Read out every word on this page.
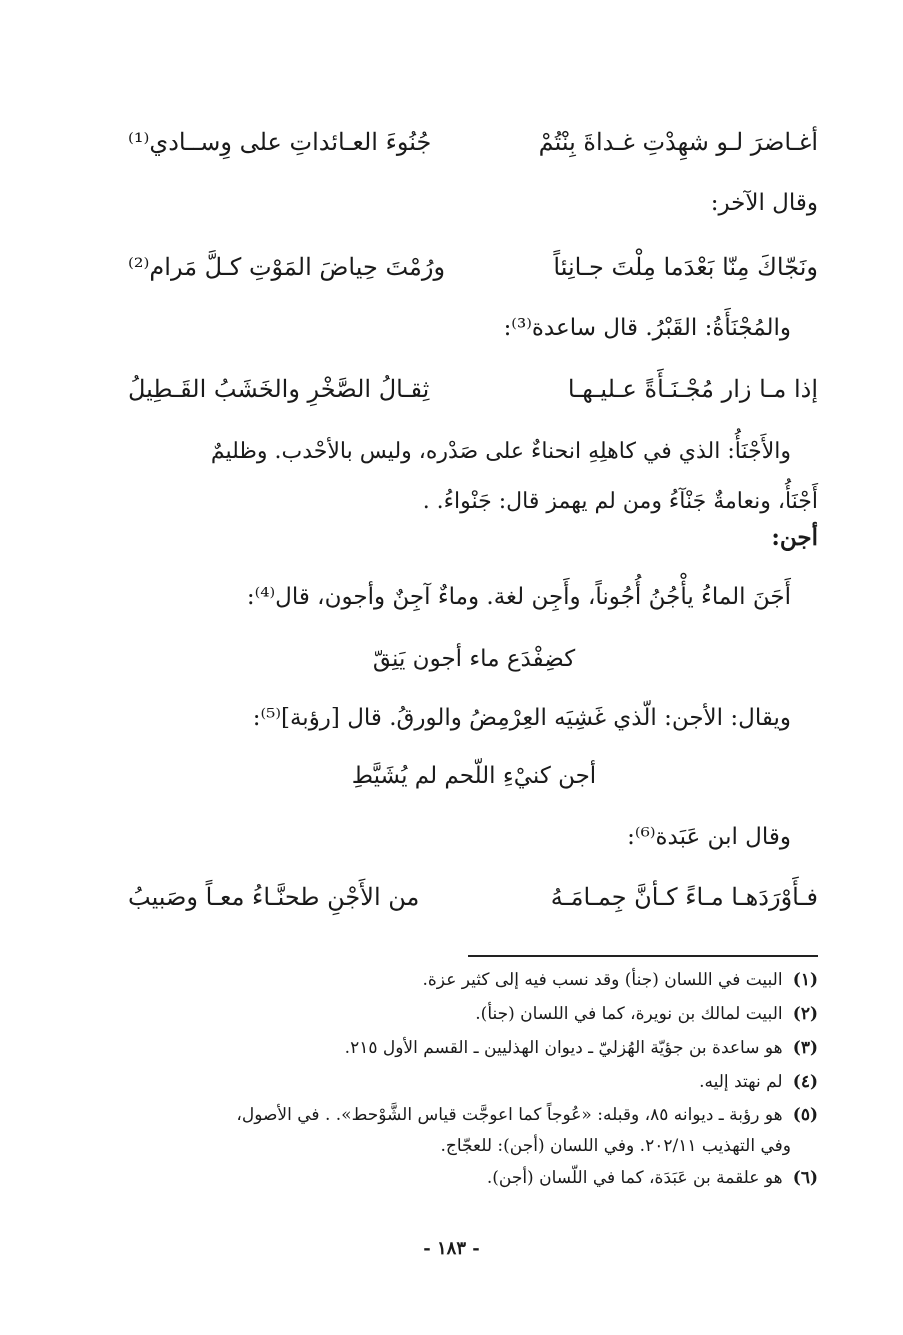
أغـاضرَ لـو شهِدْتِ غـداةَ بِنْتُمْ
جُنُوءَ العـائداتِ على وِســادي⁽¹⁾
وقال الآخر:
ونَجّاكَ مِنّا بَعْدَما مِلْتَ جـانِئاً
ورُمْتَ حِياضَ المَوْتِ كـلَّ مَرام⁽²⁾
والمُجْنَأَةُ: القَبْرُ. قال ساعدة⁽³⁾:
إذا مـا زار مُجْـنَـأَةً عـليـهـا
ثِقـالُ الصَّخْرِ والخَشَبُ القَـطِيلُ
والأَجْنَأُ: الذي في كاهلِهِ انحناءٌ على صَدْره، وليس بالأحْدب. وظليمٌ
أَجْنَأُ، ونعامةٌ جَنْآءُ ومن لم يهمز قال: جَنْواءُ. .
أجن:
أَجَنَ الماءُ يأْجُنُ أُجُوناً، وأَجِن لغة. وماءٌ آجِنٌ وأجون، قال⁽⁴⁾:
كضِفْدَع ماء أجون يَنِقّ
ويقال: الأجن: الّذي غَشِيَه العِرْمِضُ والورقُ. قال [رؤبة]⁽⁵⁾:
أجن كنيْءِ اللّحم لم يُشَيَّطِ
وقال ابن عَبَدة⁽⁶⁾:
فـأَوْرَدَهـا مـاءً كـأنَّ جِمـامَـهُ
من الأَجْنِ طحنَّـاءُ معـاً وصَبيبُ
(١) البيت في اللسان (جنأ) وقد نسب فيه إلى كثير عزة.
(٢) البيت لمالك بن نويرة، كما في اللسان (جنأ).
(٣) هو ساعدة بن جؤيّة الهُزليّ ـ ديوان الهذليين ـ القسم الأول ٢١٥.
(٤) لم نهتد إليه.
(٥) هو رؤبة ـ ديوانه ٨٥، وقبله: «عُوجاً كما اعوجَّت قياس الشَّوْحط». . في الأصول،
وفي التهذيب ٢٠٢/١١. وفي اللسان (أجن): للعجّاج.
(٦) هو علقمة بن عَبَدَة، كما في اللّسان (أجن).
- ١٨٣ -
